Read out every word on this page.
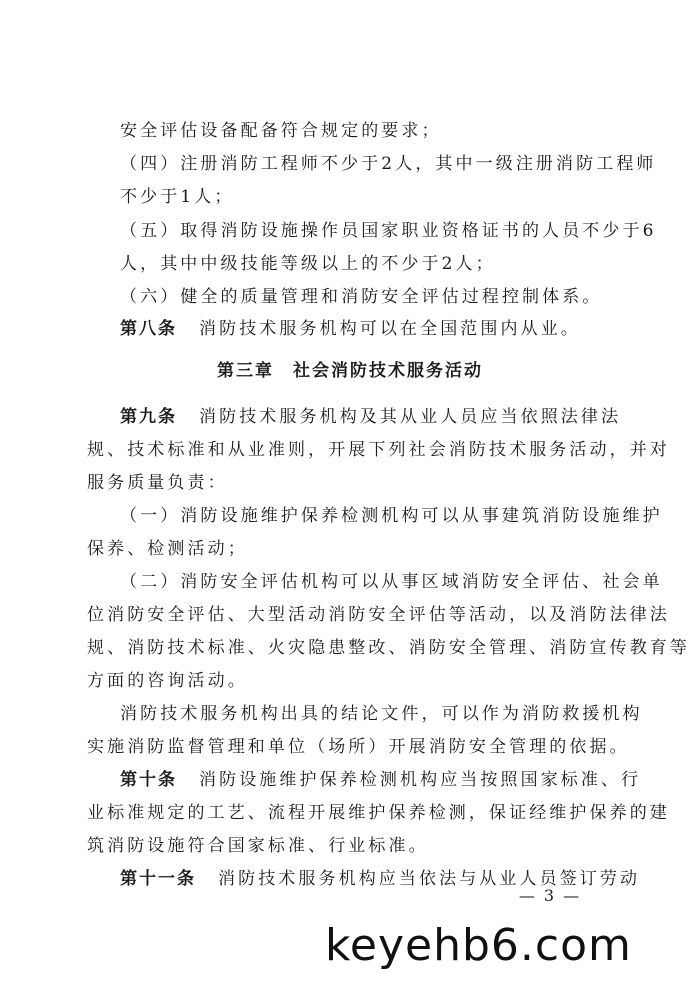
安全评估设备配备符合规定的要求；
（四）注册消防工程师不少于2人，其中一级注册消防工程师
不少于1人；
（五）取得消防设施操作员国家职业资格证书的人员不少于6
人，其中中级技能等级以上的不少于2人；
（六）健全的质量管理和消防安全评估过程控制体系。
第八条 消防技术服务机构可以在全国范围内从业。
第三章　社会消防技术服务活动
第九条 消防技术服务机构及其从业人员应当依照法律法
规、技术标准和从业准则，开展下列社会消防技术服务活动，并对
服务质量负责：
（一）消防设施维护保养检测机构可以从事建筑消防设施维护
保养、检测活动；
（二）消防安全评估机构可以从事区域消防安全评估、社会单
位消防安全评估、大型活动消防安全评估等活动，以及消防法律法
规、消防技术标准、火灾隐患整改、消防安全管理、消防宣传教育等
方面的咨询活动。
消防技术服务机构出具的结论文件，可以作为消防救援机构
实施消防监督管理和单位（场所）开展消防安全管理的依据。
第十条 消防设施维护保养检测机构应当按照国家标准、行
业标准规定的工艺、流程开展维护保养检测，保证经维护保养的建
筑消防设施符合国家标准、行业标准。
第十一条 消防技术服务机构应当依法与从业人员签订劳动
— 3 —
keyehb6.com
